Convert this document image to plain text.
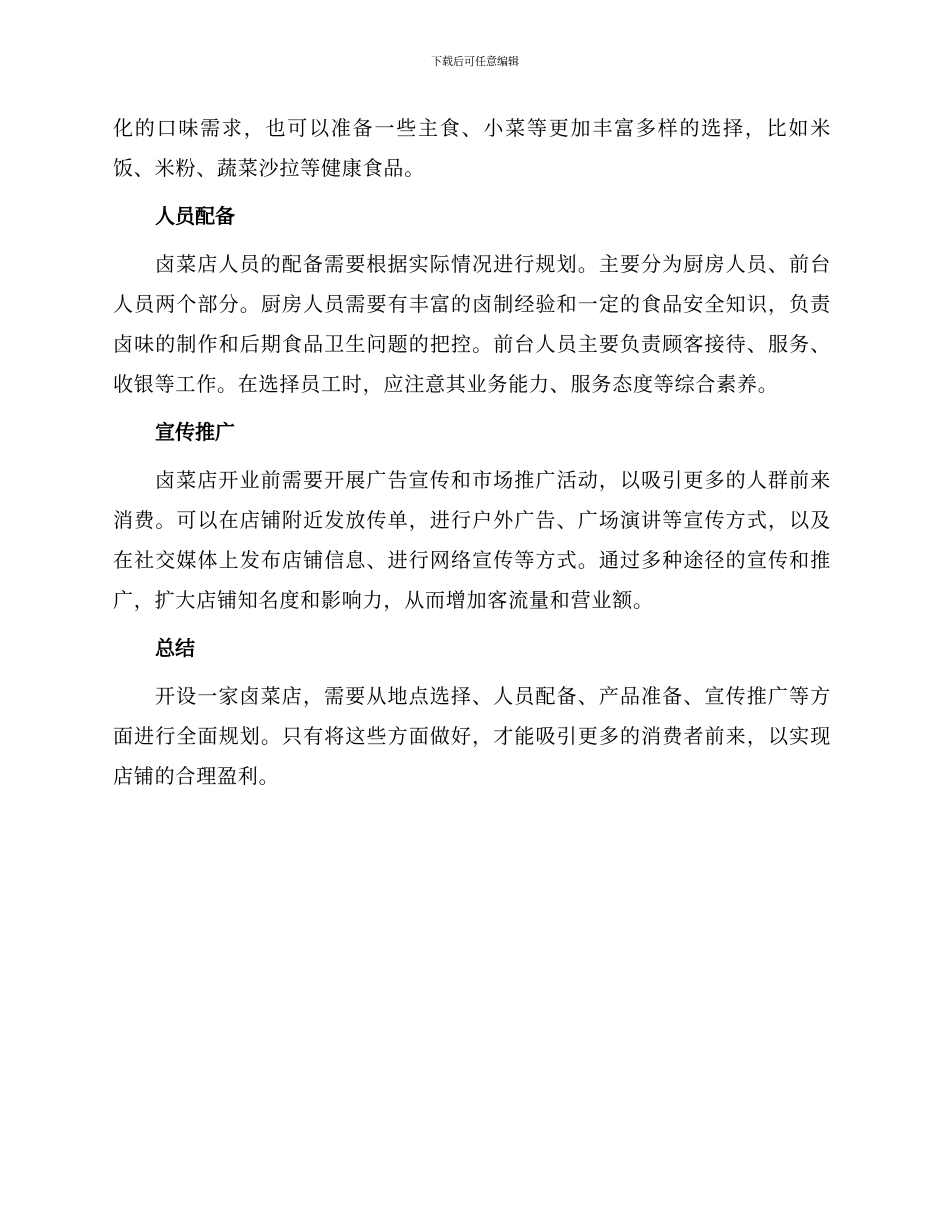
下载后可任意编辑

化的口味需求，也可以准备一些主食、小菜等更加丰富多样的选择，比如米饭、米粉、蔬菜沙拉等健康食品。

人员配备

卤菜店人员的配备需要根据实际情况进行规划。主要分为厨房人员、前台人员两个部分。厨房人员需要有丰富的卤制经验和一定的食品安全知识，负责卤味的制作和后期食品卫生问题的把控。前台人员主要负责顾客接待、服务、收银等工作。在选择员工时，应注意其业务能力、服务态度等综合素养。

宣传推广

卤菜店开业前需要开展广告宣传和市场推广活动，以吸引更多的人群前来消费。可以在店铺附近发放传单，进行户外广告、广场演讲等宣传方式，以及在社交媒体上发布店铺信息、进行网络宣传等方式。通过多种途径的宣传和推广，扩大店铺知名度和影响力，从而增加客流量和营业额。

总结

开设一家卤菜店，需要从地点选择、人员配备、产品准备、宣传推广等方面进行全面规划。只有将这些方面做好，才能吸引更多的消费者前来，以实现店铺的合理盈利。
